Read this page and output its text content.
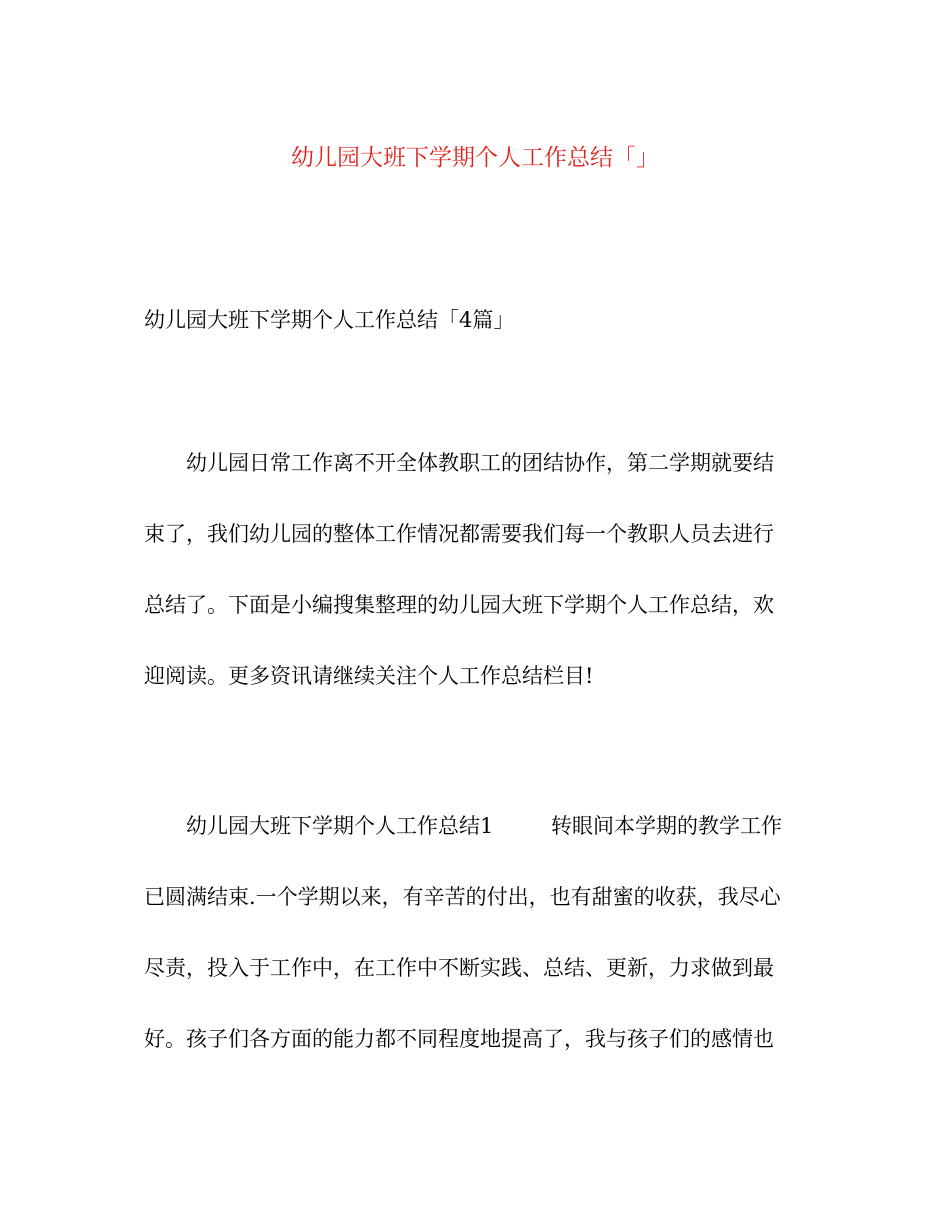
幼儿园大班下学期个人工作总结「」
幼儿园大班下学期个人工作总结「4篇」
幼儿园日常工作离不开全体教职工的团结协作，第二学期就要结
束了，我们幼儿园的整体工作情况都需要我们每一个教职人员去进行
总结了。下面是小编搜集整理的幼儿园大班下学期个人工作总结，欢
迎阅读。更多资讯请继续关注个人工作总结栏目!
幼儿园大班下学期个人工作总结1	转眼间本学期的教学工作
已圆满结束.一个学期以来，有辛苦的付出，也有甜蜜的收获，我尽心
尽责，投入于工作中，在工作中不断实践、总结、更新，力求做到最
好。孩子们各方面的能力都不同程度地提高了，我与孩子们的感情也
